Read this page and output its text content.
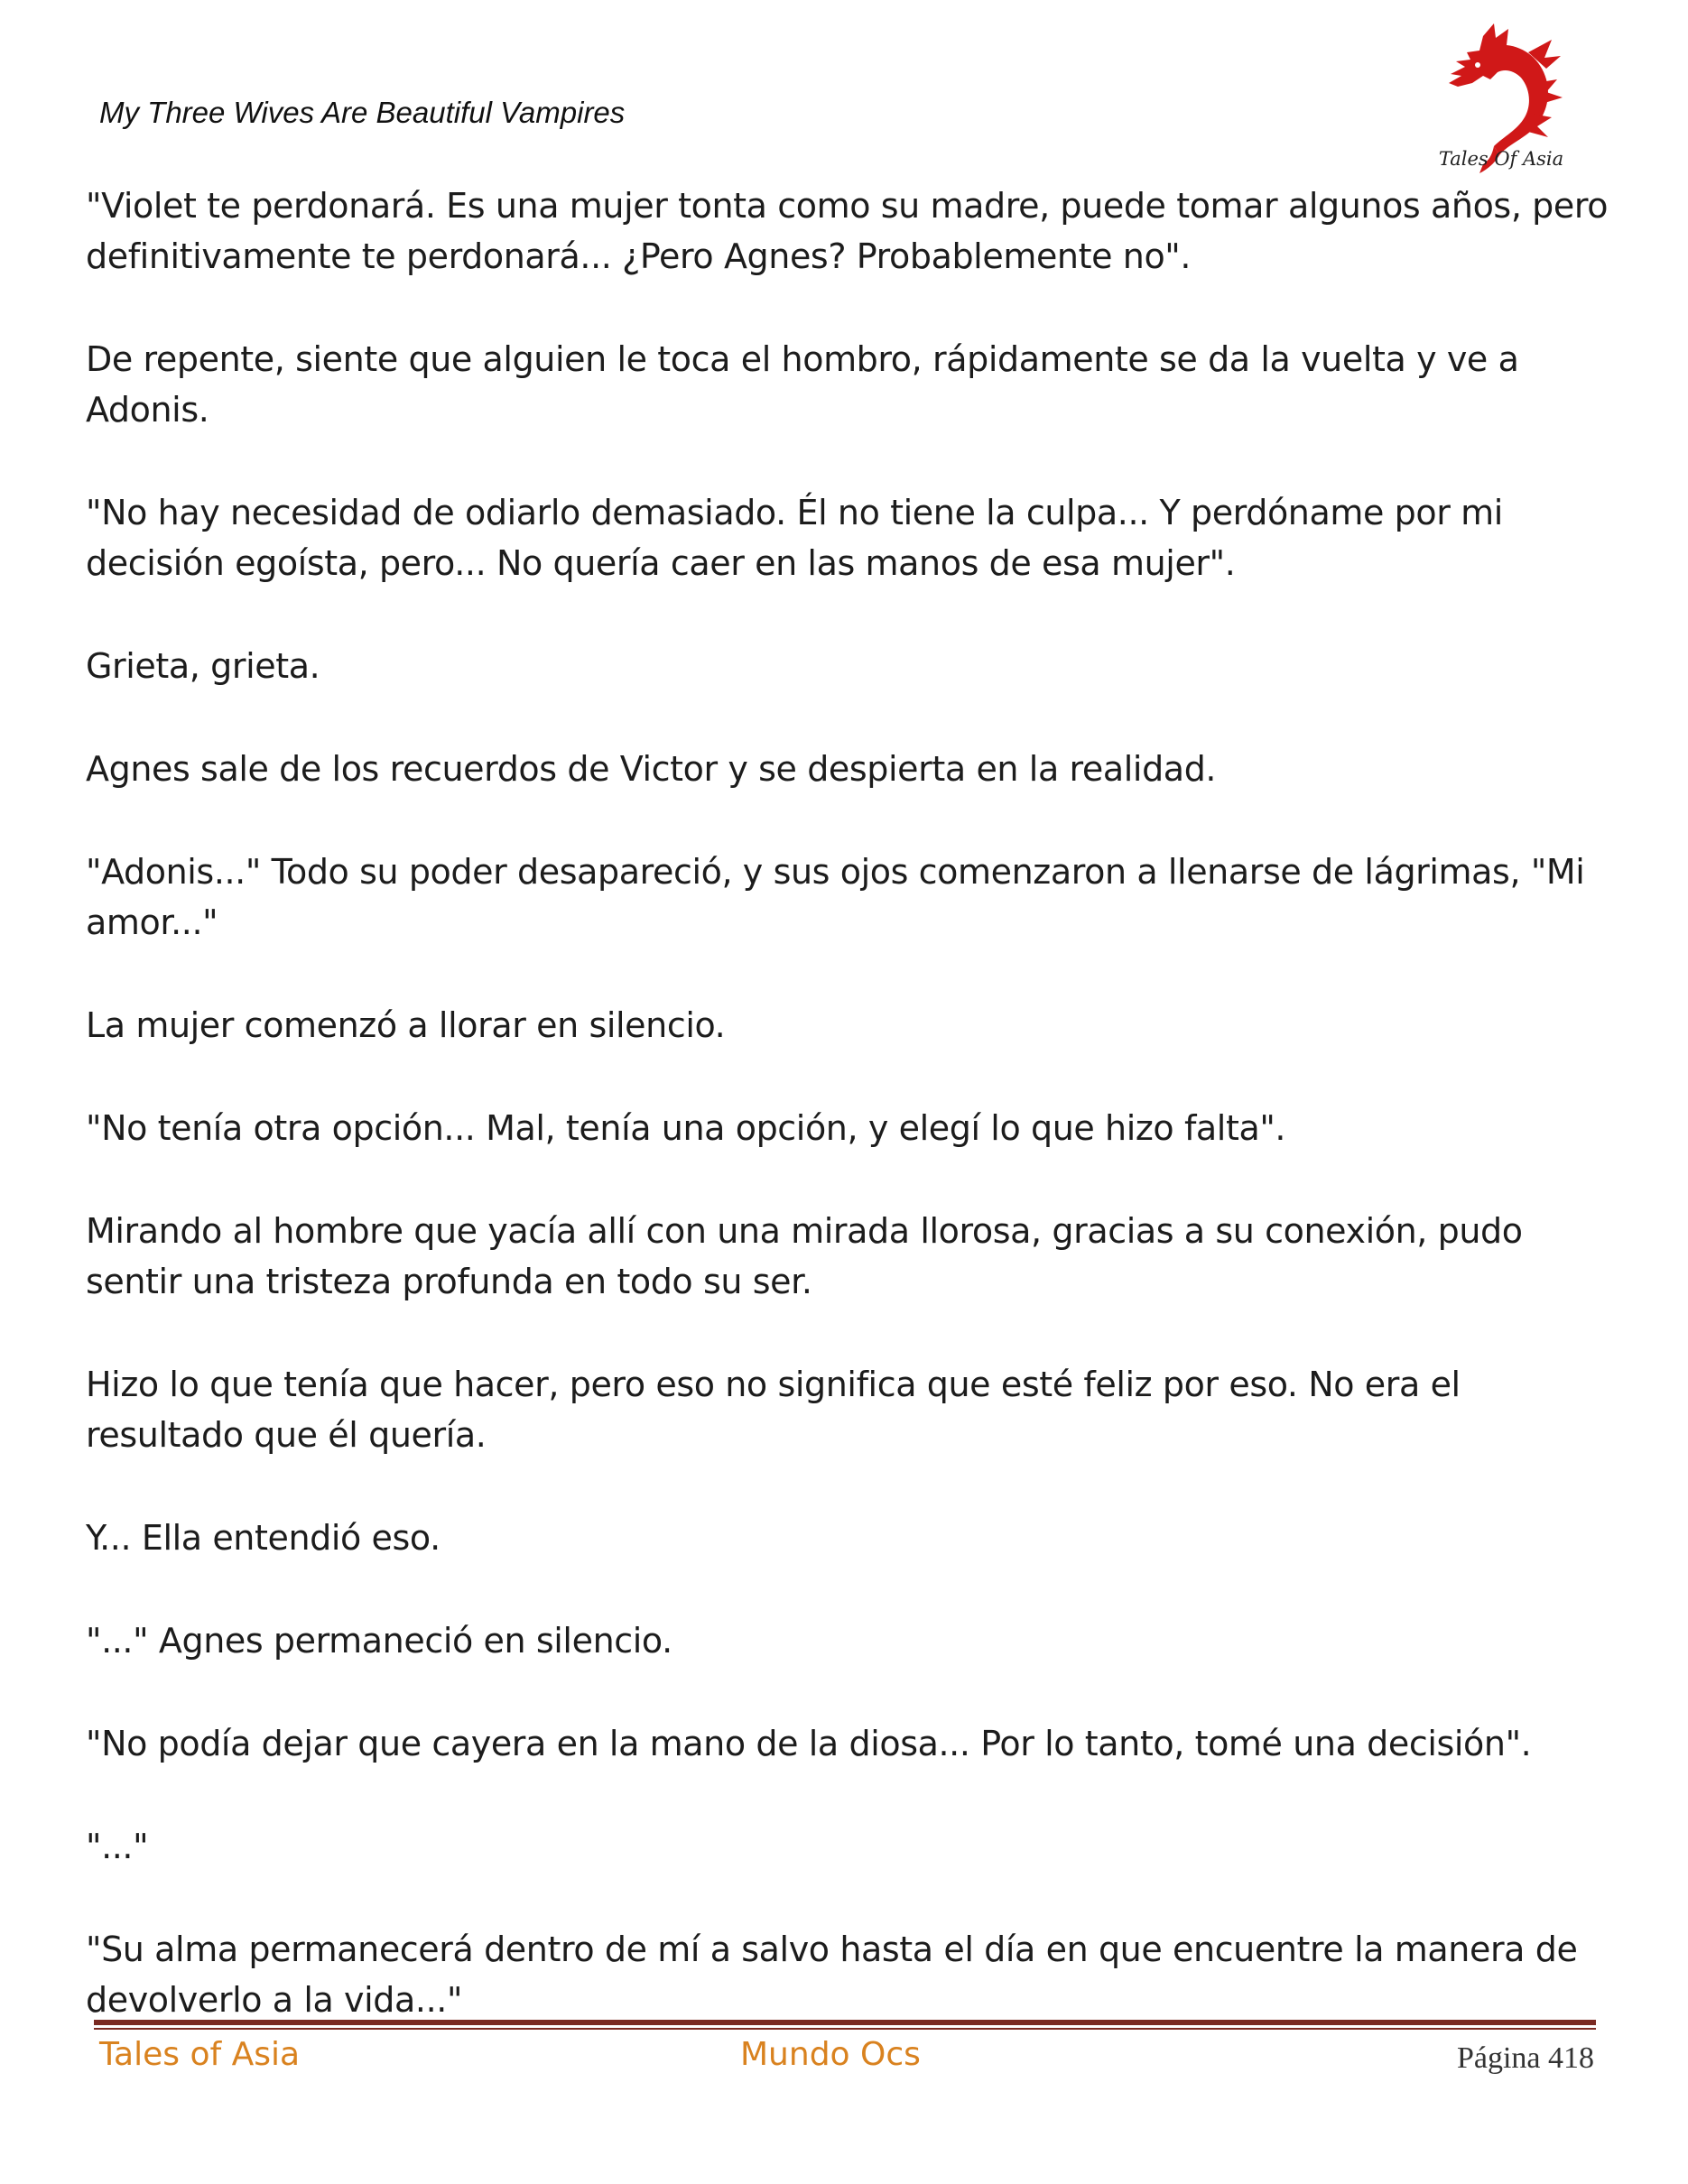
My Three Wives Are Beautiful Vampires
Tales Of Asia

"Violet te perdonará. Es una mujer tonta como su madre, puede tomar algunos años, pero definitivamente te perdonará... ¿Pero Agnes? Probablemente no".

De repente, siente que alguien le toca el hombro, rápidamente se da la vuelta y ve a Adonis.

"No hay necesidad de odiarlo demasiado. Él no tiene la culpa... Y perdóname por mi decisión egoísta, pero... No quería caer en las manos de esa mujer".

Grieta, grieta.

Agnes sale de los recuerdos de Victor y se despierta en la realidad.

"Adonis..." Todo su poder desapareció, y sus ojos comenzaron a llenarse de lágrimas, "Mi amor..."

La mujer comenzó a llorar en silencio.

"No tenía otra opción... Mal, tenía una opción, y elegí lo que hizo falta".

Mirando al hombre que yacía allí con una mirada llorosa, gracias a su conexión, pudo sentir una tristeza profunda en todo su ser.

Hizo lo que tenía que hacer, pero eso no significa que esté feliz por eso. No era el resultado que él quería.

Y... Ella entendió eso.

"..." Agnes permaneció en silencio.

"No podía dejar que cayera en la mano de la diosa... Por lo tanto, tomé una decisión".

"..."

"Su alma permanecerá dentro de mí a salvo hasta el día en que encuentre la manera de devolverlo a la vida..."

Tales of Asia	Mundo Ocs	Página 418
